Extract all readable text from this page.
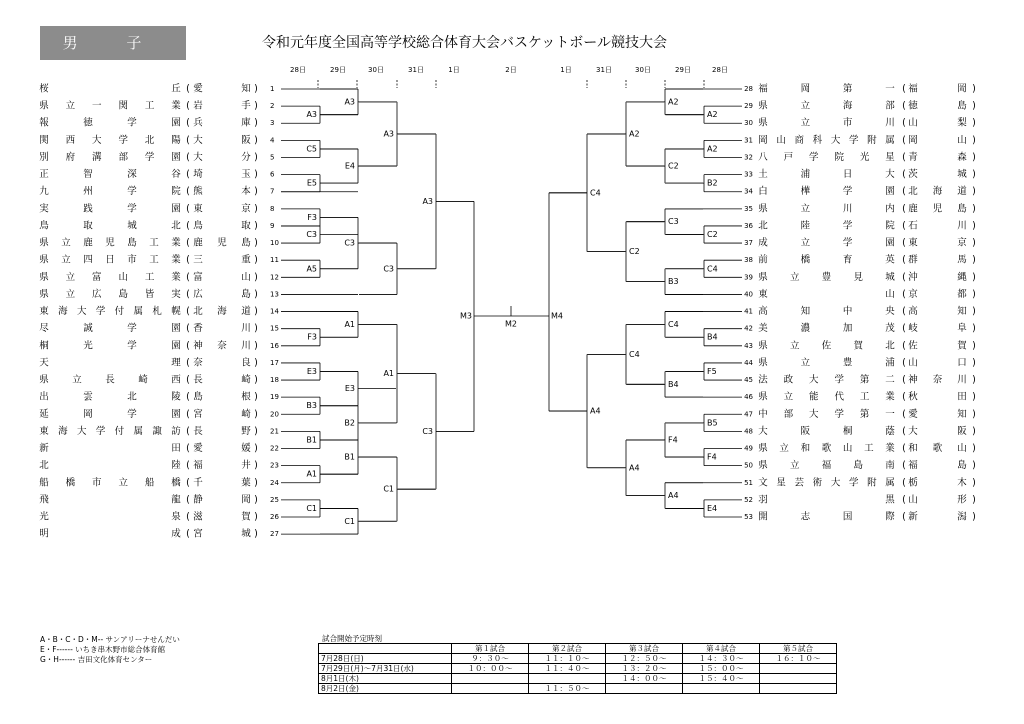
男 子	令和元年度全国高等学校総合体育大会バスケットボール競技大会
28日	29日	30日	31日	1日	1日	31日	30日	29日	28日
2日
桜	丘 ( 愛	知 ) 1
県 立 一 関 工 業 ( 岩	手 ) 2
報	徳	学	園 ( 兵	庫 ) 3
関 西 大 学 北 陽 ( 大	阪 ) 4
別 府 溝 部 学 園 ( 大	分 ) 5
正	智	深	谷 ( 埼	玉 ) 6
九	州	学	院 ( 熊	本 ) 7
実	践	学	園 ( 東	京 ) 8
鳥	取	城	北 ( 鳥	取 ) 9
県 立 鹿 児 島 工 業 ( 鹿 児 島 ) 10
県 立 四 日 市 工 業 ( 三	重 ) 11
県 立 富 山 工 業 ( 富	山 ) 12
県 立 広 島 皆 実 ( 広	島 ) 13
東 海 大 学 付 属 札 幌 ( 北 海 道 ) 14
尽	誠	学	園 ( 香	川 ) 15
桐	光	学	園 ( 神 奈 川 ) 16
天	理 ( 奈	良 ) 17
県 立 長 崎 西 ( 長	崎 ) 18
出	雲	北	陵 ( 島	根 ) 19
延	岡	学	園 ( 宮	崎 ) 20
東 海 大 学 付 属 諏 訪 ( 長	野 ) 21
新	田 ( 愛	媛 ) 22
北	陸 ( 福	井 ) 23
船 橋 市 立 船 橋 ( 千	葉 ) 24
飛	龍 ( 静	岡 ) 25
光	泉 ( 滋	賀 ) 26
明	成 ( 宮	城 ) 27
28 福	岡	第	一 ( 福	岡 )
29 県	立	海	部 ( 徳	島 )
30 県	立	市	川 ( 山	梨 )
31 岡 山 商 科 大 学 附 属 ( 岡	山 )
32 八 戸 学 院 光 星 ( 青	森 )
33 土	浦	日	大 ( 茨	城 )
34 白	樺	学	園 ( 北 海 道 )
35 県	立	川	内 ( 鹿 児 島 )
36 北	陸	学	院 ( 石	川 )
37 成	立	学	園 ( 東	京 )
38 前	橋	育	英 ( 群	馬 )
39 県 立 豊 見 城 ( 沖	縄 )
40 東	山 ( 京	都 )
41 高	知	中	央 ( 高	知 )
42 美	濃	加	茂 ( 岐	阜 )
43 県 立 佐 賀 北 ( 佐	賀 )
44 県	立	豊	浦 ( 山	口 )
45 法 政 大 学 第 二 ( 神 奈 川 )
46 県 立 能 代 工 業 ( 秋	田 )
47 中 部 大 学 第 一 ( 愛	知 )
48 大	阪	桐	蔭 ( 大	阪 )
49 県 立 和 歌 山 工 業 ( 和 歌 山 )
50 県 立 福 島 南 ( 福	島 )
51 文 星 芸 術 大 学 附 属 ( 栃	木 )
52 羽	黒 ( 山	形 )
53 開	志	国	際 ( 新	潟 )
A3
C5
E5
F3
C3
A5
F3
E3
B3
B1
A1
C1
A3
E4
C3
E3
A1
B2
B1
C1
A3
C3
A1
C1
A3
C3
A2
A2
B2
C2
C4
B4
F5
B5
F4
E4
A2
C2
C3
B3
C4
B4
F4
A4
A2
C2
C4
A4
C4
A4
M3
M2
M4
A・B・C・D・M-- サンアリーナせんだい
E・F------ いちき串木野市総合体育館
G・H------ 吉田文化体育センター
試合開始予定時刻
	第１試合	第２試合	第３試合	第４試合	第５試合
7月28日(日)	９：３０～	１１：１０～	１２：５０～	１４：３０～	１６：１０～
7月29日(月)～7月31日(水)	１０：００～	１１：４０～	１３：２０～	１５：００～	
8月1日(木)			１４：００～	１５：４０～	
8月2日(金)		１１：５０～			
